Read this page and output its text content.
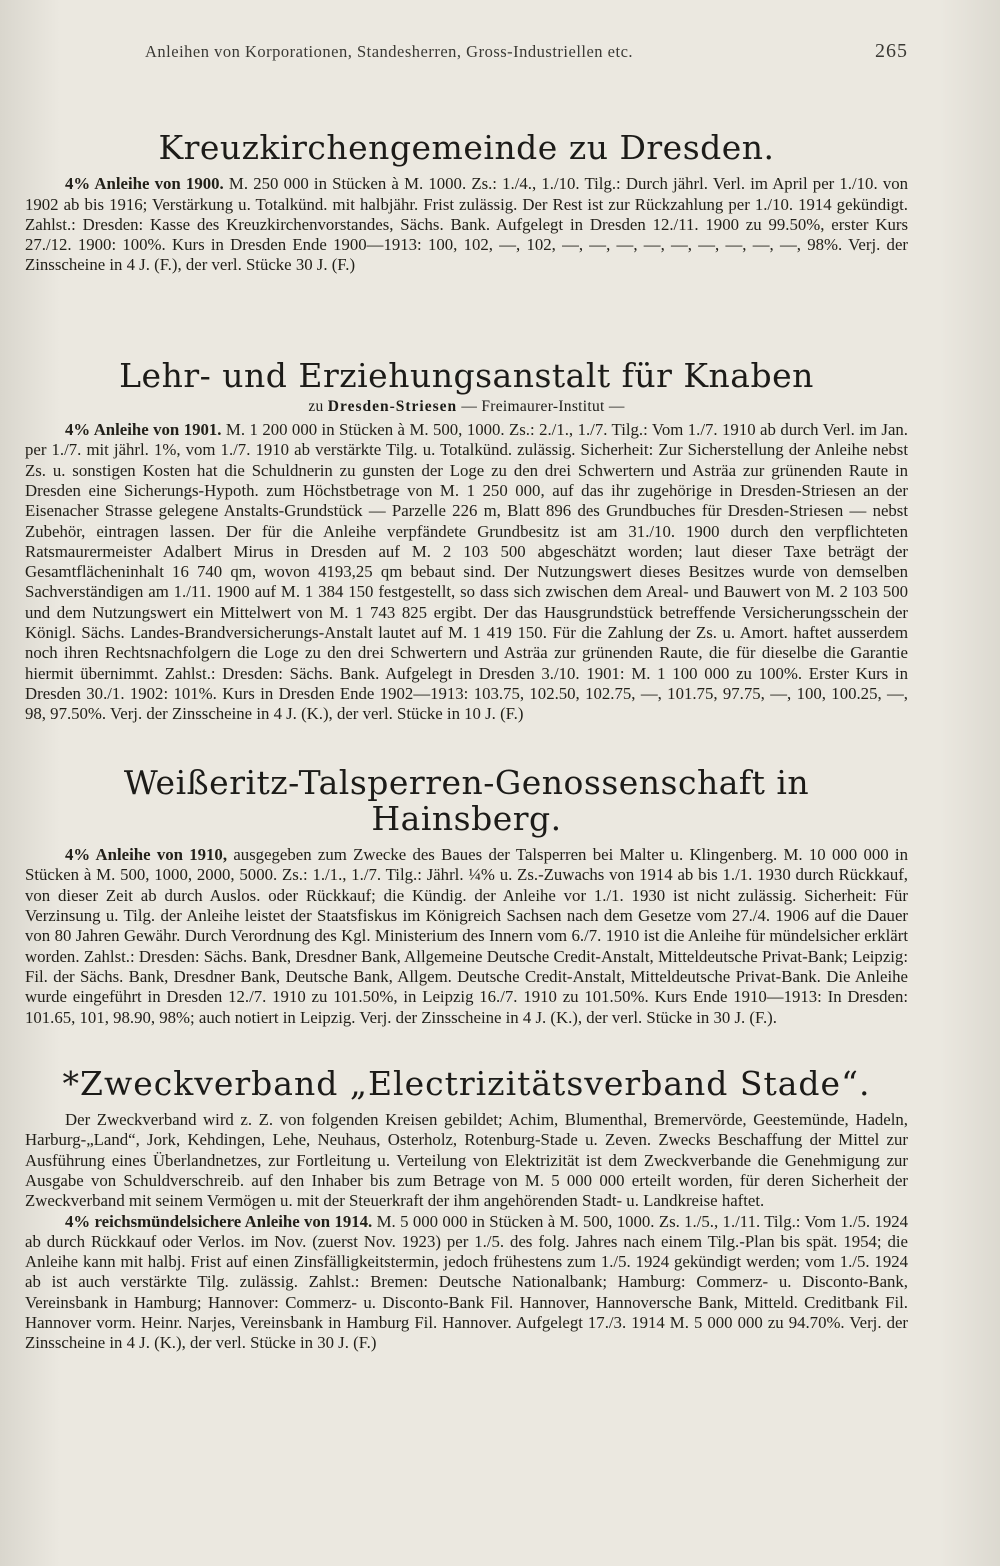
Anleihen von Korporationen, Standesherren, Gross-Industriellen etc.	265
Kreuzkirchengemeinde zu Dresden.

4% Anleihe von 1900. M. 250 000 in Stücken à M. 1000. Zs.: 1./4., 1./10. Tilg.: Durch jährl. Verl. im April per 1./10. von 1902 ab bis 1916; Verstärkung u. Totalkünd. mit halbjähr. Frist zulässig. Der Rest ist zur Rückzahlung per 1./10. 1914 gekündigt. Zahlst.: Dresden: Kasse des Kreuzkirchenvorstandes, Sächs. Bank. Aufgelegt in Dresden 12./11. 1900 zu 99.50%, erster Kurs 27./12. 1900: 100%. Kurs in Dresden Ende 1900—1913: 100, 102, —, 102, —, —, —, —, —, —, —, —, —, 98%. Verj. der Zinsscheine in 4 J. (F.), der verl. Stücke 30 J. (F.)

Lehr- und Erziehungsanstalt für Knaben
zu Dresden-Striesen — Freimaurer-Institut —

4% Anleihe von 1901. M. 1 200 000 in Stücken à M. 500, 1000. Zs.: 2./1., 1./7. Tilg.: Vom 1./7. 1910 ab durch Verl. im Jan. per 1./7. mit jährl. 1%, vom 1./7. 1910 ab verstärkte Tilg. u. Totalkünd. zulässig. Sicherheit: Zur Sicherstellung der Anleihe nebst Zs. u. sonstigen Kosten hat die Schuldnerin zu gunsten der Loge zu den drei Schwertern und Asträa zur grünenden Raute in Dresden eine Sicherungs-Hypoth. zum Höchstbetrage von M. 1 250 000, auf das ihr zugehörige in Dresden-Striesen an der Eisenacher Strasse gelegene Anstalts-Grundstück — Parzelle 226 m, Blatt 896 des Grundbuches für Dresden-Striesen — nebst Zubehör, eintragen lassen. Der für die Anleihe verpfändete Grundbesitz ist am 31./10. 1900 durch den verpflichteten Ratsmaurermeister Adalbert Mirus in Dresden auf M. 2 103 500 abgeschätzt worden; laut dieser Taxe beträgt der Gesamtflächeninhalt 16 740 qm, wovon 4193,25 qm bebaut sind. Der Nutzungswert dieses Besitzes wurde von demselben Sachverständigen am 1./11. 1900 auf M. 1 384 150 festgestellt, so dass sich zwischen dem Areal- und Bauwert von M. 2 103 500 und dem Nutzungswert ein Mittelwert von M. 1 743 825 ergibt. Der das Hausgrundstück betreffende Versicherungsschein der Königl. Sächs. Landes-Brandversicherungs-Anstalt lautet auf M. 1 419 150. Für die Zahlung der Zs. u. Amort. haftet ausserdem noch ihren Rechtsnachfolgern die Loge zu den drei Schwertern und Asträa zur grünenden Raute, die für dieselbe die Garantie hiermit übernimmt. Zahlst.: Dresden: Sächs. Bank. Aufgelegt in Dresden 3./10. 1901: M. 1 100 000 zu 100%. Erster Kurs in Dresden 30./1. 1902: 101%. Kurs in Dresden Ende 1902—1913: 103.75, 102.50, 102.75, —, 101.75, 97.75, —, 100, 100.25, —, 98, 97.50%. Verj. der Zinsscheine in 4 J. (K.), der verl. Stücke in 10 J. (F.)

Weißeritz-Talsperren-Genossenschaft in Hainsberg.

4% Anleihe von 1910, ausgegeben zum Zwecke des Baues der Talsperren bei Malter u. Klingenberg. M. 10 000 000 in Stücken à M. 500, 1000, 2000, 5000. Zs.: 1./1., 1./7. Tilg.: Jährl. ¼% u. Zs.-Zuwachs von 1914 ab bis 1./1. 1930 durch Rückkauf, von dieser Zeit ab durch Auslos. oder Rückkauf; die Kündig. der Anleihe vor 1./1. 1930 ist nicht zulässig. Sicherheit: Für Verzinsung u. Tilg. der Anleihe leistet der Staatsfiskus im Königreich Sachsen nach dem Gesetze vom 27./4. 1906 auf die Dauer von 80 Jahren Gewähr. Durch Verordnung des Kgl. Ministerium des Innern vom 6./7. 1910 ist die Anleihe für mündelsicher erklärt worden. Zahlst.: Dresden: Sächs. Bank, Dresdner Bank, Allgemeine Deutsche Credit-Anstalt, Mitteldeutsche Privat-Bank; Leipzig: Fil. der Sächs. Bank, Dresdner Bank, Deutsche Bank, Allgem. Deutsche Credit-Anstalt, Mitteldeutsche Privat-Bank. Die Anleihe wurde eingeführt in Dresden 12./7. 1910 zu 101.50%, in Leipzig 16./7. 1910 zu 101.50%. Kurs Ende 1910—1913: In Dresden: 101.65, 101, 98.90, 98%; auch notiert in Leipzig. Verj. der Zinsscheine in 4 J. (K.), der verl. Stücke in 30 J. (F.).

*Zweckverband „Electrizitätsverband Stade“.

Der Zweckverband wird z. Z. von folgenden Kreisen gebildet; Achim, Blumenthal, Bremervörde, Geestemünde, Hadeln, Harburg-„Land“, Jork, Kehdingen, Lehe, Neuhaus, Osterholz, Rotenburg-Stade u. Zeven. Zwecks Beschaffung der Mittel zur Ausführung eines Überlandnetzes, zur Fortleitung u. Verteilung von Elektrizität ist dem Zweckverbande die Genehmigung zur Ausgabe von Schuldverschreib. auf den Inhaber bis zum Betrage von M. 5 000 000 erteilt worden, für deren Sicherheit der Zweckverband mit seinem Vermögen u. mit der Steuerkraft der ihm angehörenden Stadt- u. Landkreise haftet.

4% reichsmündelsichere Anleihe von 1914. M. 5 000 000 in Stücken à M. 500, 1000. Zs. 1./5., 1./11. Tilg.: Vom 1./5. 1924 ab durch Rückkauf oder Verlos. im Nov. (zuerst Nov. 1923) per 1./5. des folg. Jahres nach einem Tilg.-Plan bis spät. 1954; die Anleihe kann mit halbj. Frist auf einen Zinsfälligkeitstermin, jedoch frühestens zum 1./5. 1924 gekündigt werden; vom 1./5. 1924 ab ist auch verstärkte Tilg. zulässig. Zahlst.: Bremen: Deutsche Nationalbank; Hamburg: Commerz- u. Disconto-Bank, Vereinsbank in Hamburg; Hannover: Commerz- u. Disconto-Bank Fil. Hannover, Hannoversche Bank, Mitteld. Creditbank Fil. Hannover vorm. Heinr. Narjes, Vereinsbank in Hamburg Fil. Hannover. Aufgelegt 17./3. 1914 M. 5 000 000 zu 94.70%. Verj. der Zinsscheine in 4 J. (K.), der verl. Stücke in 30 J. (F.)
